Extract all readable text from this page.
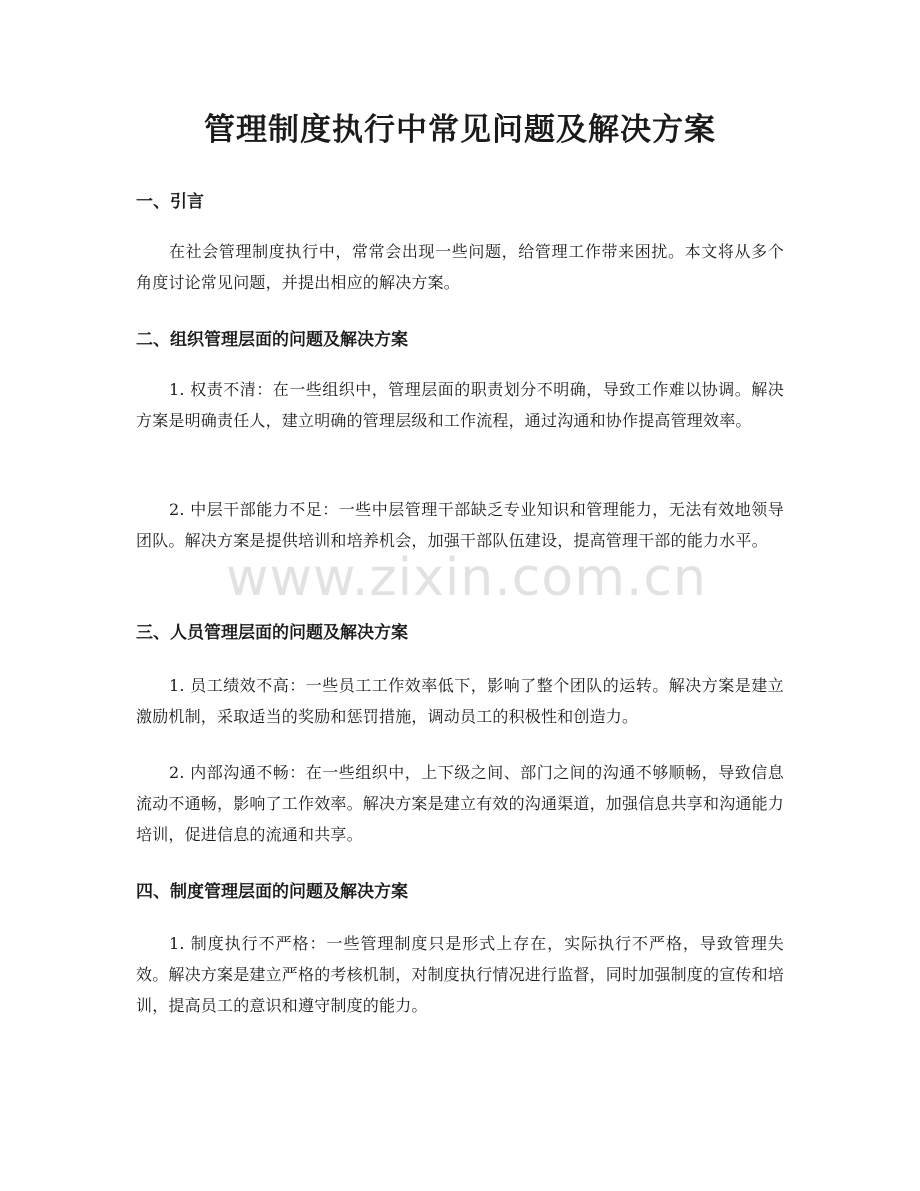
管理制度执行中常见问题及解决方案
一、引言

在社会管理制度执行中，常常会出现一些问题，给管理工作带来困扰。本文将从多个角度讨论常见问题，并提出相应的解决方案。

二、组织管理层面的问题及解决方案

1. 权责不清：在一些组织中，管理层面的职责划分不明确，导致工作难以协调。解决方案是明确责任人，建立明确的管理层级和工作流程，通过沟通和协作提高管理效率。

2. 中层干部能力不足：一些中层管理干部缺乏专业知识和管理能力，无法有效地领导团队。解决方案是提供培训和培养机会，加强干部队伍建设，提高管理干部的能力水平。

三、人员管理层面的问题及解决方案

1. 员工绩效不高：一些员工工作效率低下，影响了整个团队的运转。解决方案是建立激励机制，采取适当的奖励和惩罚措施，调动员工的积极性和创造力。

2. 内部沟通不畅：在一些组织中，上下级之间、部门之间的沟通不够顺畅，导致信息流动不通畅，影响了工作效率。解决方案是建立有效的沟通渠道，加强信息共享和沟通能力培训，促进信息的流通和共享。

四、制度管理层面的问题及解决方案

1. 制度执行不严格：一些管理制度只是形式上存在，实际执行不严格，导致管理失效。解决方案是建立严格的考核机制，对制度执行情况进行监督，同时加强制度的宣传和培训，提高员工的意识和遵守制度的能力。

www.zixin.com.cn
